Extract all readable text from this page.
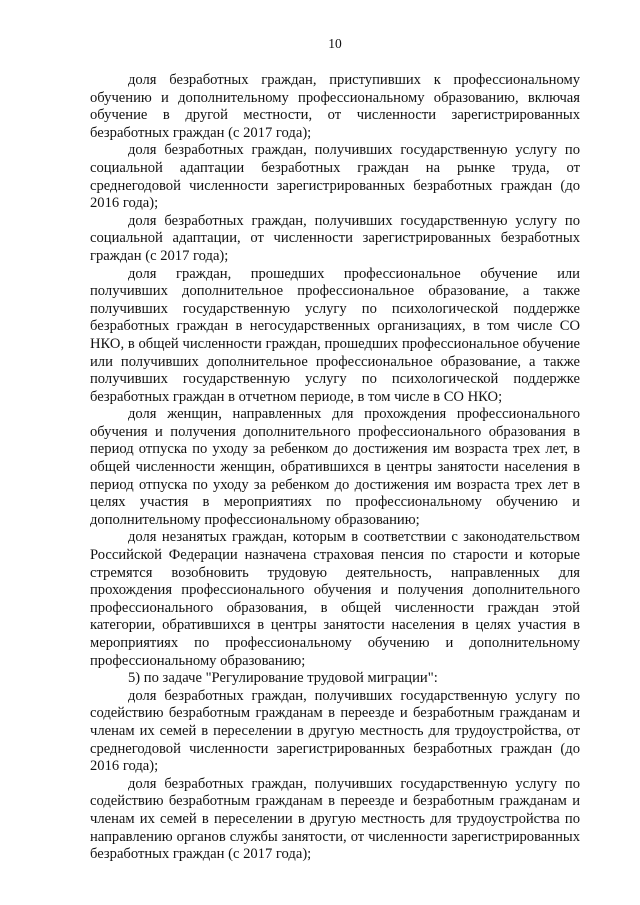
10

доля безработных граждан, приступивших к профессиональному обучению и дополнительному профессиональному образованию, включая обучение в другой местности, от численности зарегистрированных безработных граждан (с 2017 года);

доля безработных граждан, получивших государственную услугу по социальной адаптации безработных граждан на рынке труда, от среднегодовой численности зарегистрированных безработных граждан (до 2016 года);

доля безработных граждан, получивших государственную услугу по социальной адаптации, от численности зарегистрированных безработных граждан (с 2017 года);

доля граждан, прошедших профессиональное обучение или получивших дополнительное профессиональное образование, а также получивших государственную услугу по психологической поддержке безработных граждан в негосударственных организациях, в том числе СО НКО, в общей численности граждан, прошедших профессиональное обучение или получивших дополнительное профессиональное образование, а также получивших государственную услугу по психологической поддержке безработных граждан в отчетном периоде, в том числе в СО НКО;

доля женщин, направленных для прохождения профессионального обучения и получения дополнительного профессионального образования в период отпуска по уходу за ребенком до достижения им возраста трех лет, в общей численности женщин, обратившихся в центры занятости населения в период отпуска по уходу за ребенком до достижения им возраста трех лет в целях участия в мероприятиях по профессиональному обучению и дополнительному профессиональному образованию;

доля незанятых граждан, которым в соответствии с законодательством Российской Федерации назначена страховая пенсия по старости и которые стремятся возобновить трудовую деятельность, направленных для прохождения профессионального обучения и получения дополнительного профессионального образования, в общей численности граждан этой категории, обратившихся в центры занятости населения в целях участия в мероприятиях по профессиональному обучению и дополнительному профессиональному образованию;

5) по задаче "Регулирование трудовой миграции":

доля безработных граждан, получивших государственную услугу по содействию безработным гражданам в переезде и безработным гражданам и членам их семей в переселении в другую местность для трудоустройства, от среднегодовой численности зарегистрированных безработных граждан (до 2016 года);

доля безработных граждан, получивших государственную услугу по содействию безработным гражданам в переезде и безработным гражданам и членам их семей в переселении в другую местность для трудоустройства по направлению органов службы занятости, от численности зарегистрированных безработных граждан (с 2017 года);
